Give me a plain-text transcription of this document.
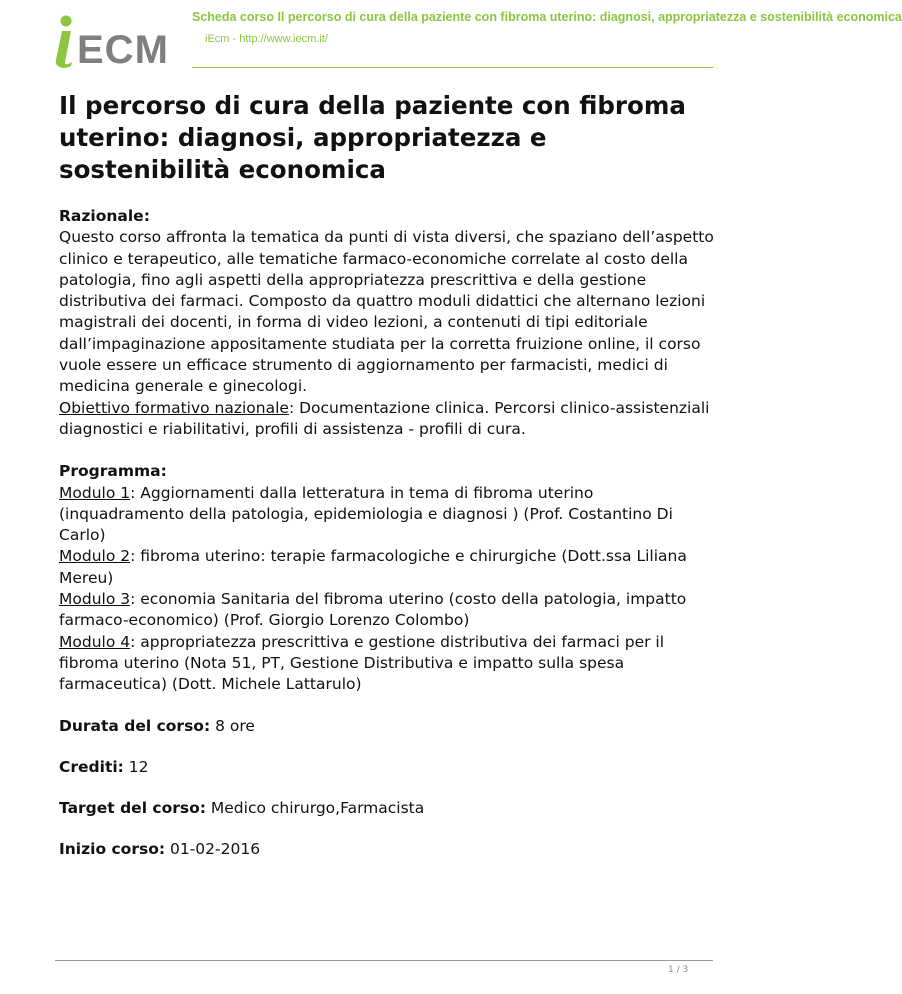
ECM
Scheda corso Il percorso di cura della paziente con fibroma uterino: diagnosi, appropriatezza e sostenibilità economica
iEcm - http://www.iecm.it/
Il percorso di cura della paziente con fibroma uterino: diagnosi, appropriatezza e sostenibilità economica
Razionale:

Questo corso affronta la tematica da punti di vista diversi, che spaziano dell’aspetto clinico e terapeutico, alle tematiche farmaco-economiche correlate al costo della patologia, fino agli aspetti della appropriatezza prescrittiva e della gestione distributiva dei farmaci. Composto da quattro moduli didattici che alternano lezioni magistrali dei docenti, in forma di video lezioni, a contenuti di tipi editoriale dall’impaginazione appositamente studiata per la corretta fruizione online, il corso vuole essere un efficace strumento di aggiornamento per farmacisti, medici di medicina generale e ginecologi.

Obiettivo formativo nazionale: Documentazione clinica. Percorsi clinico-assistenziali diagnostici e riabilitativi, profili di assistenza - profili di cura.

Programma:

Modulo 1: Aggiornamenti dalla letteratura in tema di fibroma uterino (inquadramento della patologia, epidemiologia e diagnosi ) (Prof. Costantino Di Carlo)

Modulo 2: fibroma uterino: terapie farmacologiche e chirurgiche (Dott.ssa Liliana Mereu)

Modulo 3: economia Sanitaria del fibroma uterino (costo della patologia, impatto farmaco-economico) (Prof. Giorgio Lorenzo Colombo)

Modulo 4: appropriatezza prescrittiva e gestione distributiva dei farmaci per il fibroma uterino (Nota 51, PT, Gestione Distributiva e impatto sulla spesa farmaceutica) (Dott. Michele Lattarulo)

Durata del corso: 8 ore
Crediti: 12
Target del corso: Medico chirurgo,Farmacista
Inizio corso: 01-02-2016
1 / 3
